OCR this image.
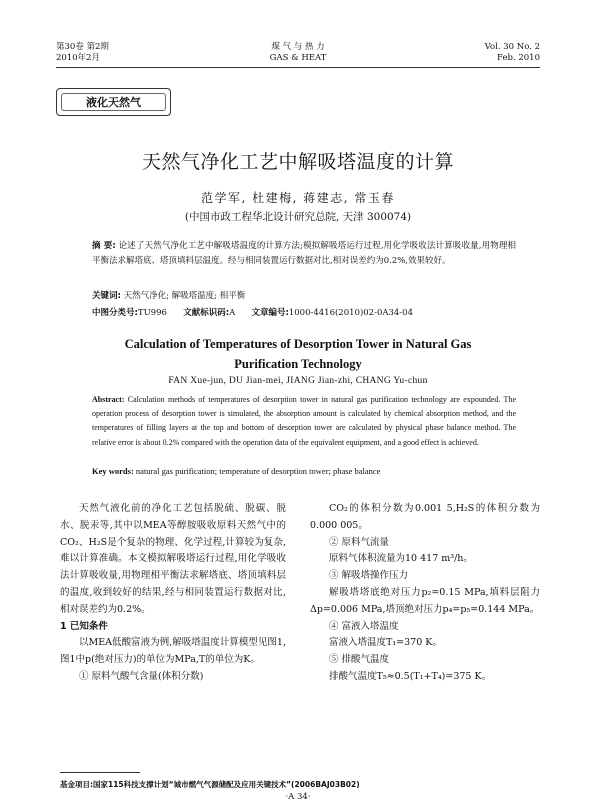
第30卷 第2期
2010年2月
煤 气 与 热 力
GAS & HEAT
Vol. 30 No. 2
Feb. 2010
液化天然气
天然气净化工艺中解吸塔温度的计算
范学军, 杜建梅, 蒋建志, 常玉春
(中国市政工程华北设计研究总院, 天津 300074)
摘 要: 论述了天然气净化工艺中解吸塔温度的计算方法;模拟解吸塔运行过程,用化学吸收法计算吸收量,用物理相平衡法求解塔底、塔顶填料层温度。经与相同装置运行数据对比,相对误差约为0.2%,效果较好。
关键词: 天然气净化; 解吸塔温度; 相平衡
中图分类号:TU996 文献标识码:A 文章编号:1000-4416(2010)02-0A34-04
Calculation of Temperatures of Desorption Tower in Natural Gas Purification Technology
FAN Xue-jun, DU Jian-mei, JIANG Jian-zhi, CHANG Yu-chun
Abstract: Calculation methods of temperatures of desorption tower in natural gas purification technology are expounded. The operation process of desorption tower is simulated, the absorption amount is calculated by chemical absorption method, and the temperatures of filling layers at the top and bottom of desorption tower are calculated by physical phase balance method. The relative error is about 0.2% compared with the operation data of the equivalent equipment, and a good effect is achieved.
Key words: natural gas purification; temperature of desorption tower; phase balance

天然气液化前的净化工艺包括脱硫、脱碳、脱水、脱汞等,其中以MEA等醇胺吸收原料天然气中的CO₂、H₂S是个复杂的物理、化学过程,计算较为复杂,难以计算准确。本文模拟解吸塔运行过程,用化学吸收法计算吸收量,用物理相平衡法求解塔底、塔顶填料层的温度,收到较好的结果,经与相同装置运行数据对比,相对误差约为0.2%。

1 已知条件

以MEA低酸富液为例,解吸塔温度计算模型见图1,图1中p(绝对压力)的单位为MPa,T的单位为K。

① 原料气酸气含量(体积分数)

CO₂的体积分数为0.001 5,H₂S的体积分数为0.000 005。

② 原料气流量

原料气体积流量为10 417 m³/h。

③ 解吸塔操作压力

解吸塔塔底绝对压力p₂=0.15 MPa,填料层阻力Δp=0.006 MPa,塔顶绝对压力p₄=p₅=0.144 MPa。

④ 富液入塔温度

富液入塔温度T₁=370 K。

⑤ 排酸气温度

排酸气温度T₅≈0.5(T₁+T₄)=375 K。

基金项目:国家115科技支撑计划“城市燃气气源储配及应用关键技术”(2006BAJ03B02)
·A 34·
